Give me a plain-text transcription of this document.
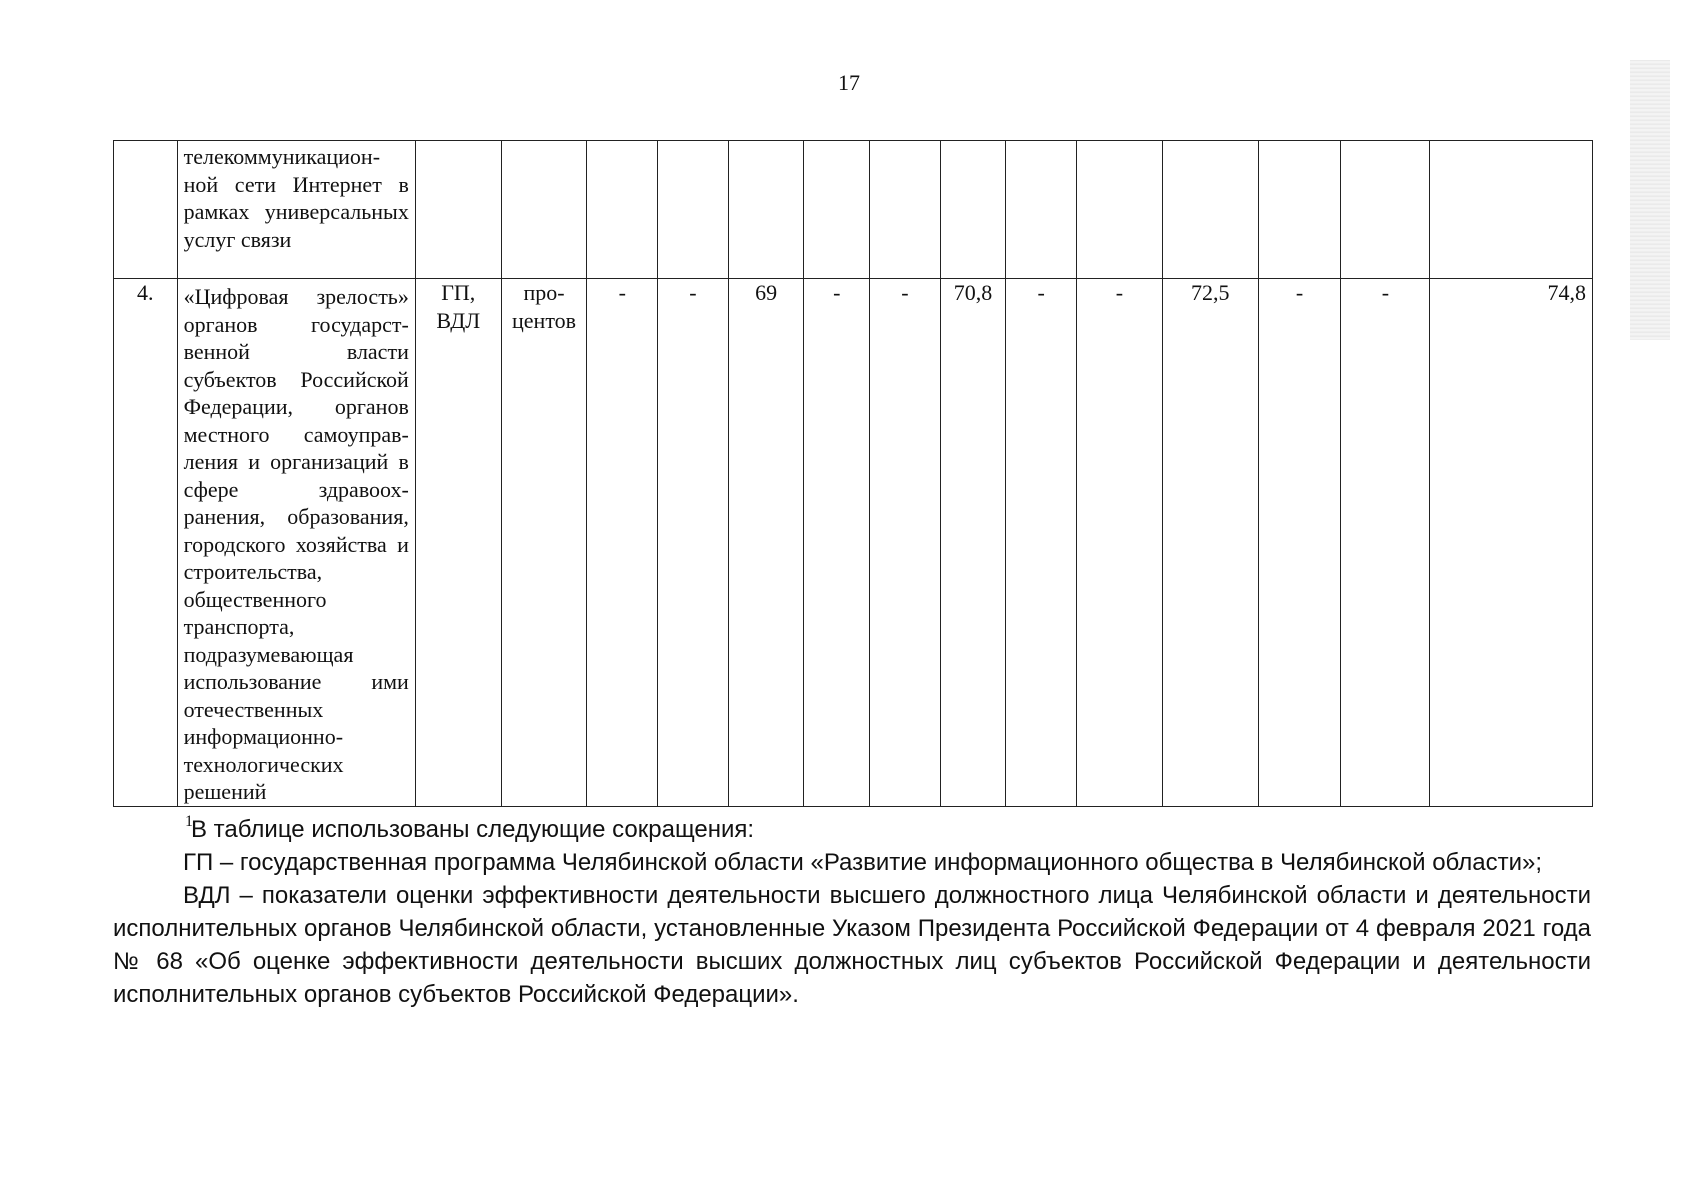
17
	телекоммуникацион-ной сети Интернет в рамках универсальных услуг связи														
4.	«Цифровая зрелость» органов государст-венной власти субъектов Российской Федерации, органов местного самоуправ-ления и организаций в сфере здравоох-ранения, образования, городского хозяйства и строительства, общественного транспорта, подразумевающая использование ими отечественных информационно-технологических решений	ГП, ВДЛ	про-центов	-	-	69	-	-	70,8	-	-	72,5	-	-	74,8

1
В таблице использованы следующие сокращения:

ГП – государственная программа Челябинской области «Развитие информационного общества в Челябинской области»;

ВДЛ – показатели оценки эффективности деятельности высшего должностного лица Челябинской области и деятельности исполнительных органов Челябинской области, установленные Указом Президента Российской Федерации от 4 февраля 2021 года № 68 «Об оценке эффективности деятельности высших должностных лиц субъектов Российской Федерации и деятельности исполнительных органов субъектов Российской Федерации».
